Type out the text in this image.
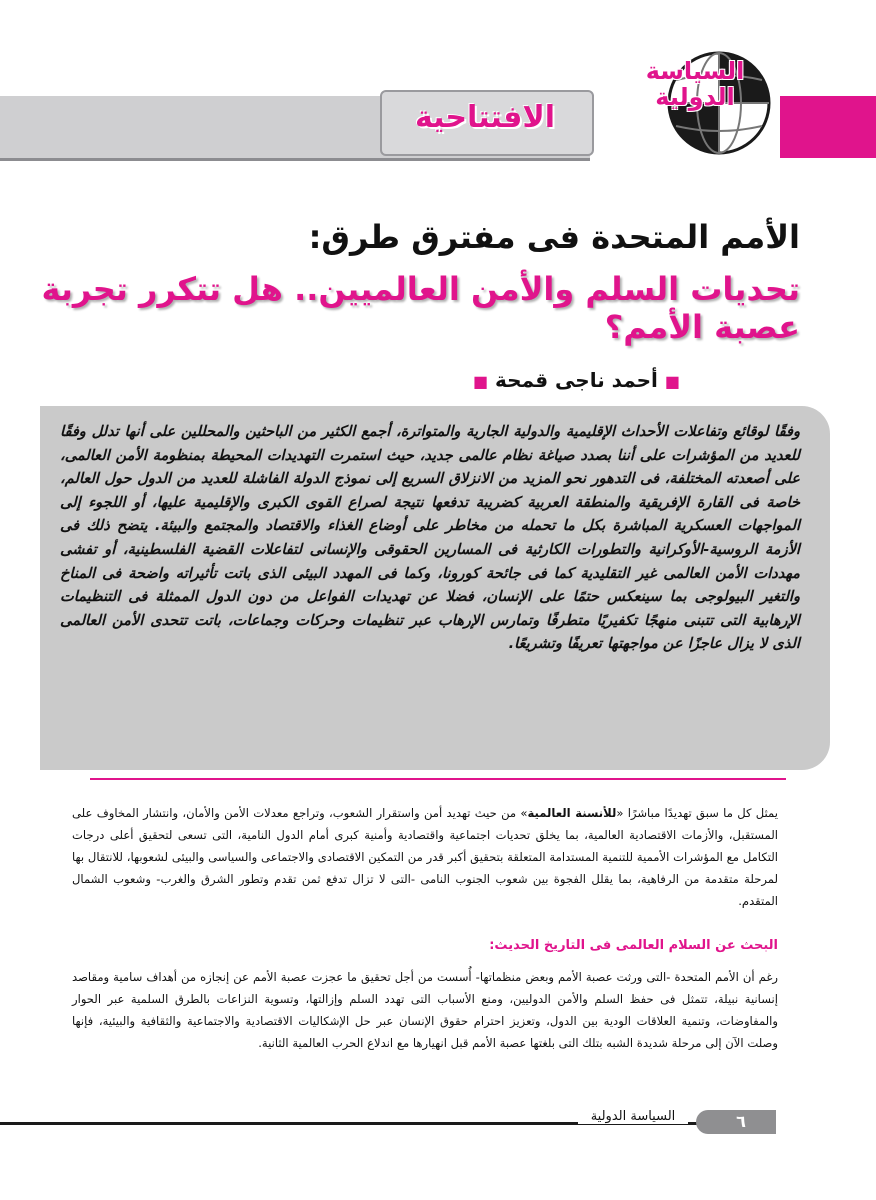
الافتتاحية
السياسة الدولية
الأمم المتحدة فى مفترق طرق:
تحديات السلم والأمن العالميين.. هل تتكرر تجربة عصبة الأمم؟
■ أحمد ناجى قمحة ■
وفقًا لوقائع وتفاعلات الأحداث الإقليمية والدولية الجارية والمتواترة، أجمع الكثير من الباحثين والمحللين على أنها تدلل وفقًا للعديد من المؤشرات على أننا بصدد صياغة نظام عالمى جديد، حيث استمرت التهديدات المحيطة بمنظومة الأمن العالمى، على أصعدته المختلفة، فى التدهور نحو المزيد من الانزلاق السريع إلى نموذج الدولة الفاشلة للعديد من الدول حول العالم، خاصة فى القارة الإفريقية والمنطقة العربية كضريبة تدفعها نتيجة لصراع القوى الكبرى والإقليمية عليها، أو اللجوء إلى المواجهات العسكرية المباشرة بكل ما تحمله من مخاطر على أوضاع الغذاء والاقتصاد والمجتمع والبيئة. يتضح ذلك فى الأزمة الروسية-الأوكرانية والتطورات الكارثية فى المسارين الحقوقى والإنسانى لتفاعلات القضية الفلسطينية، أو تفشى مهددات الأمن العالمى غير التقليدية كما فى جائحة كورونا، وكما فى المهدد البيئى الذى باتت تأثيراته واضحة فى المناخ والتغير البيولوجى بما سينعكس حتمًا على الإنسان، فضلا عن تهديدات الفواعل من دون الدول الممثلة فى التنظيمات الإرهابية التى تتبنى منهجًا تكفيريًا متطرفًا وتمارس الإرهاب عبر تنظيمات وحركات وجماعات، باتت تتحدى الأمن العالمى الذى لا يزال عاجزًا عن مواجهتها تعريفًا وتشريعًا.
يمثل كل ما سبق تهديدًا مباشرًا «للأنسنة العالمية» من حيث تهديد أمن واستقرار الشعوب، وتراجع معدلات الأمن والأمان، وانتشار المخاوف على المستقبل، والأزمات الاقتصادية العالمية، بما يخلق تحديات اجتماعية واقتصادية وأمنية كبرى أمام الدول النامية، التى تسعى لتحقيق أعلى درجات التكامل مع المؤشرات الأممية للتنمية المستدامة المتعلقة بتحقيق أكبر قدر من التمكين الاقتصادى والاجتماعى والسياسى والبيئى لشعوبها، للانتقال بها لمرحلة متقدمة من الرفاهية، بما يقلل الفجوة بين شعوب الجنوب النامى -التى لا تزال تدفع ثمن تقدم وتطور الشرق والغرب- وشعوب الشمال المتقدم.
البحث عن السلام العالمى فى التاريخ الحديث:
رغم أن الأمم المتحدة -التى ورثت عصبة الأمم وبعض منظماتها- أُسست من أجل تحقيق ما عجزت عصبة الأمم عن إنجازه من أهداف سامية ومقاصد إنسانية نبيلة، تتمثل فى حفظ السلم والأمن الدوليين، ومنع الأسباب التى تهدد السلم وإزالتها، وتسوية النزاعات بالطرق السلمية عبر الحوار والمفاوضات، وتنمية العلاقات الودية بين الدول، وتعزيز احترام حقوق الإنسان عبر حل الإشكاليات الاقتصادية والاجتماعية والثقافية والبيئية، فإنها وصلت الآن إلى مرحلة شديدة الشبه بتلك التى بلغتها عصبة الأمم قبل انهيارها مع اندلاع الحرب العالمية الثانية.
السياسة الدولية	٦
